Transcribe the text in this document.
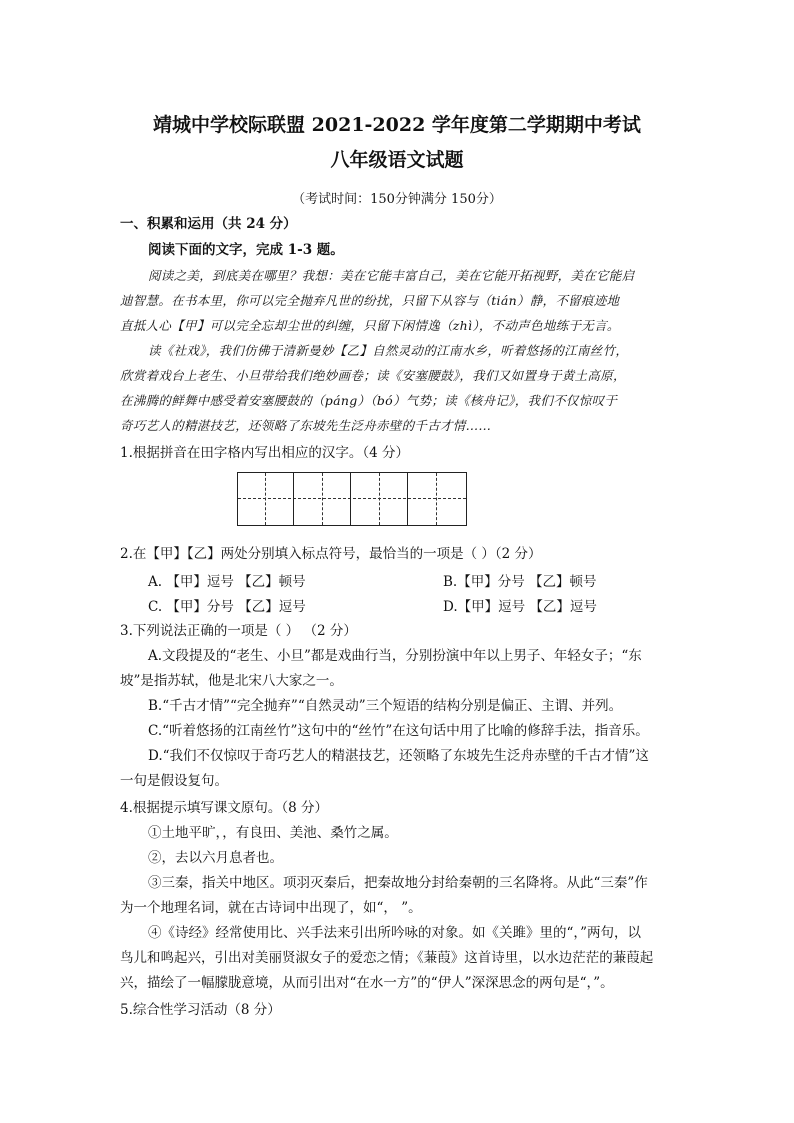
靖城中学校际联盟 2021-2022 学年度第二学期期中考试
八年级语文试题
（考试时间：150分钟满分 150分）
一、积累和运用（共 24 分）
阅读下面的文字，完成 1-3 题。
阅读之美，到底美在哪里？我想：美在它能丰富自己，美在它能开拓视野，美在它能启
迪智慧。在书本里，你可以完全抛弃凡世的纷扰，只留下从容与（tián）静，不留痕迹地
直抵人心【甲】可以完全忘却尘世的纠缠，只留下闲情逸（zhì），不动声色地练于无言。
读《社戏》，我们仿佛于清新曼妙【乙】自然灵动的江南水乡，听着悠扬的江南丝竹，
欣赏着戏台上老生、小旦带给我们绝妙画卷；读《安塞腰鼓》，我们又如置身于黄土高原，
在沸腾的鲜舞中感受着安塞腰鼓的（páng）（bó）气势；读《核舟记》，我们不仅惊叹于
奇巧艺人的精湛技艺，还领略了东坡先生泛舟赤壁的千古才情……
1.根据拼音在田字格内写出相应的汉字。（4 分）
2.在【甲】【乙】两处分别填入标点符号，最恰当的一项是（ ）（2 分）
A. 【甲】逗号 【乙】顿号	B.【甲】分号 【乙】顿号
C. 【甲】分号 【乙】逗号	D.【甲】逗号 【乙】逗号
3.下列说法正确的一项是（ ） （2 分）
A.文段提及的“老生、小旦”都是戏曲行当，分别扮演中年以上男子、年轻女子；“东
坡”是指苏轼，他是北宋八大家之一。
B.“千古才情”“完全抛弃”“自然灵动”三个短语的结构分别是偏正、主谓、并列。
C.“听着悠扬的江南丝竹”这句中的“丝竹”在这句话中用了比喻的修辞手法，指音乐。
D.“我们不仅惊叹于奇巧艺人的精湛技艺，还领略了东坡先生泛舟赤壁的千古才情”这
一句是假设复句。
4.根据提示填写课文原句。（8 分）
①土地平旷，，有良田、美池、桑竹之属。
②，去以六月息者也。
③三秦，指关中地区。项羽灭秦后，把秦故地分封给秦朝的三名降将。从此“三秦”作
为一个地理名词，就在古诗词中出现了，如“， ”。
④《诗经》经常使用比、兴手法来引出所吟咏的对象。如《关雎》里的“，”两句，以
鸟儿和鸣起兴，引出对美丽贤淑女子的爱恋之情；《蒹葭》这首诗里，以水边茫茫的蒹葭起
兴，描绘了一幅朦胧意境，从而引出对“在水一方”的“伊人”深深思念的两句是“，”。
5.综合性学习活动（8 分）
